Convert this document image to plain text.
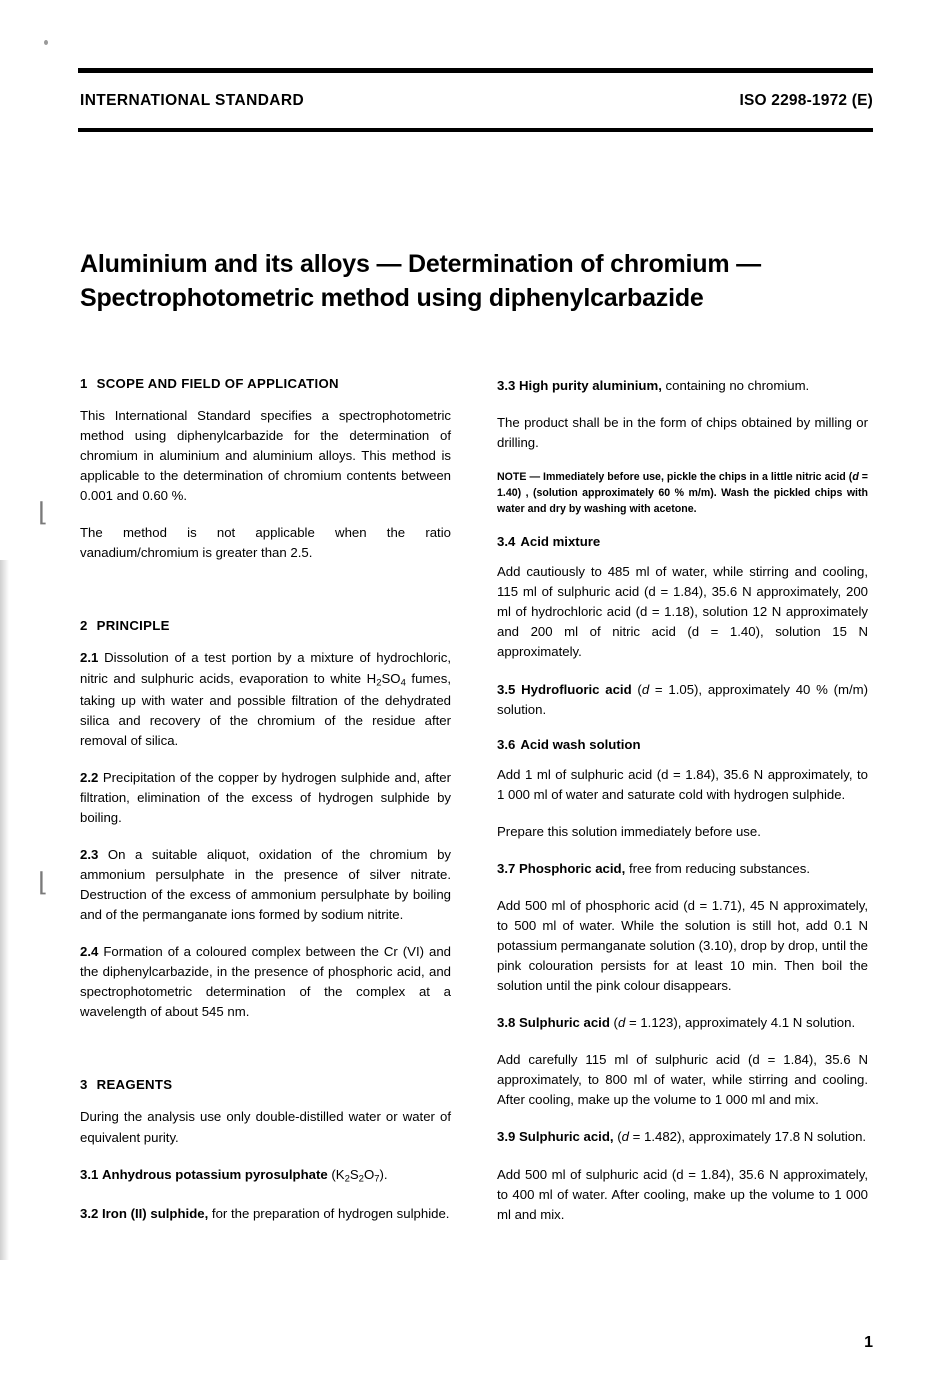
⌊
⌊
INTERNATIONAL STANDARD	ISO 2298-1972 (E)
Aluminium and its alloys — Determination of chromium —
Spectrophotometric method using diphenylcarbazide
1 SCOPE AND FIELD OF APPLICATION

This International Standard specifies a spectrophotometric method using diphenylcarbazide for the determination of chromium in aluminium and aluminium alloys. This method is applicable to the determination of chromium contents between 0.001 and 0.60 %.

The method is not applicable when the ratio vanadium/chromium is greater than 2.5.

2 PRINCIPLE

2.1 Dissolution of a test portion by a mixture of hydrochloric, nitric and sulphuric acids, evaporation to white $H_2SO_4$ fumes, taking up with water and possible filtration of the dehydrated silica and recovery of the chromium of the residue after removal of silica.

2.2 Precipitation of the copper by hydrogen sulphide and, after filtration, elimination of the excess of hydrogen sulphide by boiling.

2.3 On a suitable aliquot, oxidation of the chromium by ammonium persulphate in the presence of silver nitrate. Destruction of the excess of ammonium persulphate by boiling and of the permanganate ions formed by sodium nitrite.

2.4 Formation of a coloured complex between the Cr (VI) and the diphenylcarbazide, in the presence of phosphoric acid, and spectrophotometric determination of the complex at a wavelength of about 545 nm.

3 REAGENTS

During the analysis use only double-distilled water or water of equivalent purity.

3.1 Anhydrous potassium pyrosulphate $(K_2S_2O_7)$.

3.2 Iron (II) sulphide, for the preparation of hydrogen sulphide.

3.3 High purity aluminium, containing no chromium.

The product shall be in the form of chips obtained by milling or drilling.

NOTE — Immediately before use, pickle the chips in a little nitric acid (d = 1.40) , (solution approximately 60 % m/m). Wash the pickled chips with water and dry by washing with acetone.

3.4 Acid mixture

Add cautiously to 485 ml of water, while stirring and cooling, 115 ml of sulphuric acid (d = 1.84), 35.6 N approximately, 200 ml of hydrochloric acid (d = 1.18), solution 12 N approximately and 200 ml of nitric acid (d = 1.40), solution 15 N approximately.

3.5 Hydrofluoric acid (d = 1.05), approximately 40 % (m/m) solution.

3.6 Acid wash solution

Add 1 ml of sulphuric acid (d = 1.84), 35.6 N approximately, to 1 000 ml of water and saturate cold with hydrogen sulphide.

Prepare this solution immediately before use.

3.7 Phosphoric acid, free from reducing substances.

Add 500 ml of phosphoric acid (d = 1.71), 45 N approximately, to 500 ml of water. While the solution is still hot, add 0.1 N potassium permanganate solution (3.10), drop by drop, until the pink colouration persists for at least 10 min. Then boil the solution until the pink colour disappears.

3.8 Sulphuric acid (d = 1.123), approximately 4.1 N solution.

Add carefully 115 ml of sulphuric acid (d = 1.84), 35.6 N approximately, to 800 ml of water, while stirring and cooling. After cooling, make up the volume to 1 000 ml and mix.

3.9 Sulphuric acid, (d = 1.482), approximately 17.8 N solution.

Add 500 ml of sulphuric acid (d = 1.84), 35.6 N approximately, to 400 ml of water. After cooling, make up the volume to 1 000 ml and mix.

1
